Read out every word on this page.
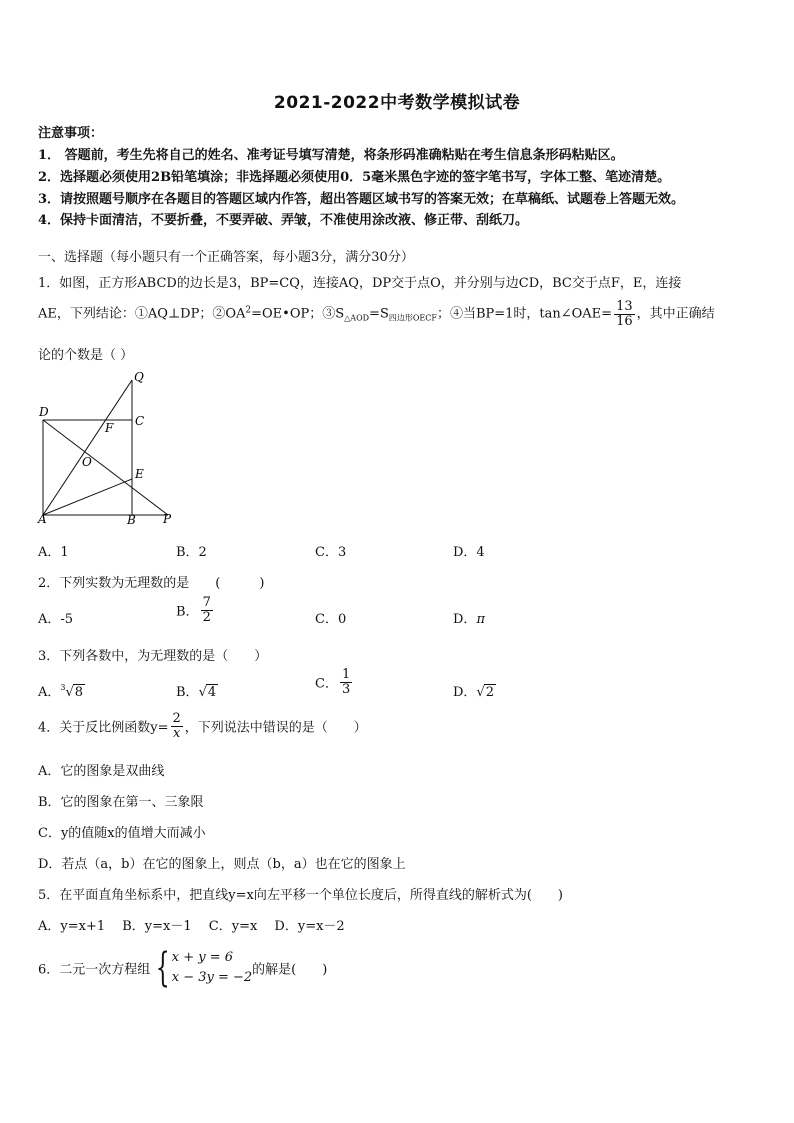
2021-2022中考数学模拟试卷
注意事项：
1． 答题前，考生先将自己的姓名、准考证号填写清楚，将条形码准确粘贴在考生信息条形码粘贴区。
2．选择题必须使用2B铅笔填涂；非选择题必须使用0．5毫米黑色字迹的签字笔书写，字体工整、笔迹清楚。
3．请按照题号顺序在各题目的答题区域内作答，超出答题区域书写的答案无效；在草稿纸、试题卷上答题无效。
4．保持卡面清洁，不要折叠，不要弄破、弄皱，不准使用涂改液、修正带、刮纸刀。
一、选择题（每小题只有一个正确答案，每小题3分，满分30分）
1．如图，正方形ABCD的边长是3，BP=CQ，连接AQ，DP交于点O，并分别与边CD，BC交于点F，E，连接
AE，下列结论：①AQ⊥DP；$②OA^2=OE•OP$；$③S_{\triangle AOD}=S_{四边形OECF}$；④当BP=1时，tan∠OAE= $\frac{13}{16}$ ，其中正确结
论的个数是（ ）
Q
D
C
F
O
E
A	B P
A．1	B．2	C．3	D．4
2．下列实数为无理数的是　　(　　　)
A．-5	B． $\frac{7}{2}$	C．0	D．π
3．下列各数中，为无理数的是（　　）
A．$^3$√8	B．√4
C． $\frac{1}{3}$	D．√2
4．关于反比例函数$y= \frac{2}{x}$ ，下列说法中错误的是（　　）
A．它的图象是双曲线
B．它的图象在第一、三象限
C．y的值随x的值增大而减小
D．若点（a，b）在它的图象上，则点（b，a）也在它的图象上
5．在平面直角坐标系中，把直线y=x向左平移一个单位长度后，所得直线的解析式为(　　)
A．y=x+1　 B．y=x－1　 C．y=x　 D．y=x－2
6．二元一次方程组 { x + y = 6
x − 3y = −2 的解是(　　)
